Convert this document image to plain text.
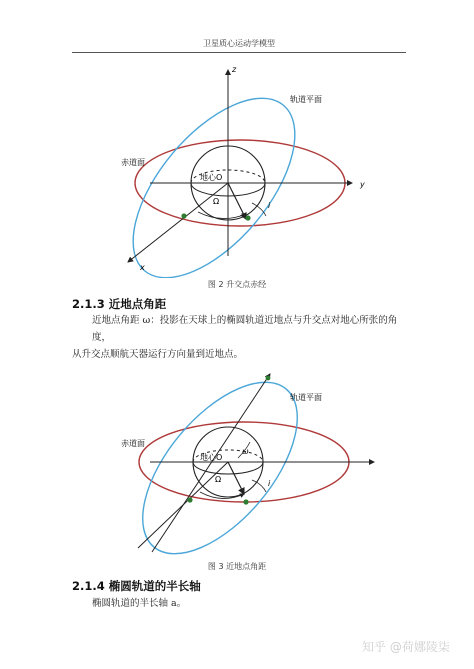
卫星质心运动学模型
z
y
x
轨道平面
赤道面
地心O
Ω	i
图 2 升交点赤经
2.1.3 近地点角距
近地点角距 ω：投影在天球上的椭圆轨道近地点与升交点对地心所张的角度，
从升交点顺航天器运行方向量到近地点。
轨道平面
赤道面
地心O
Ω
ω
i
图 3 近地点角距
2.1.4 椭圆轨道的半长轴
椭圆轨道的半长轴 a。
知乎 @荷娜陵柒
